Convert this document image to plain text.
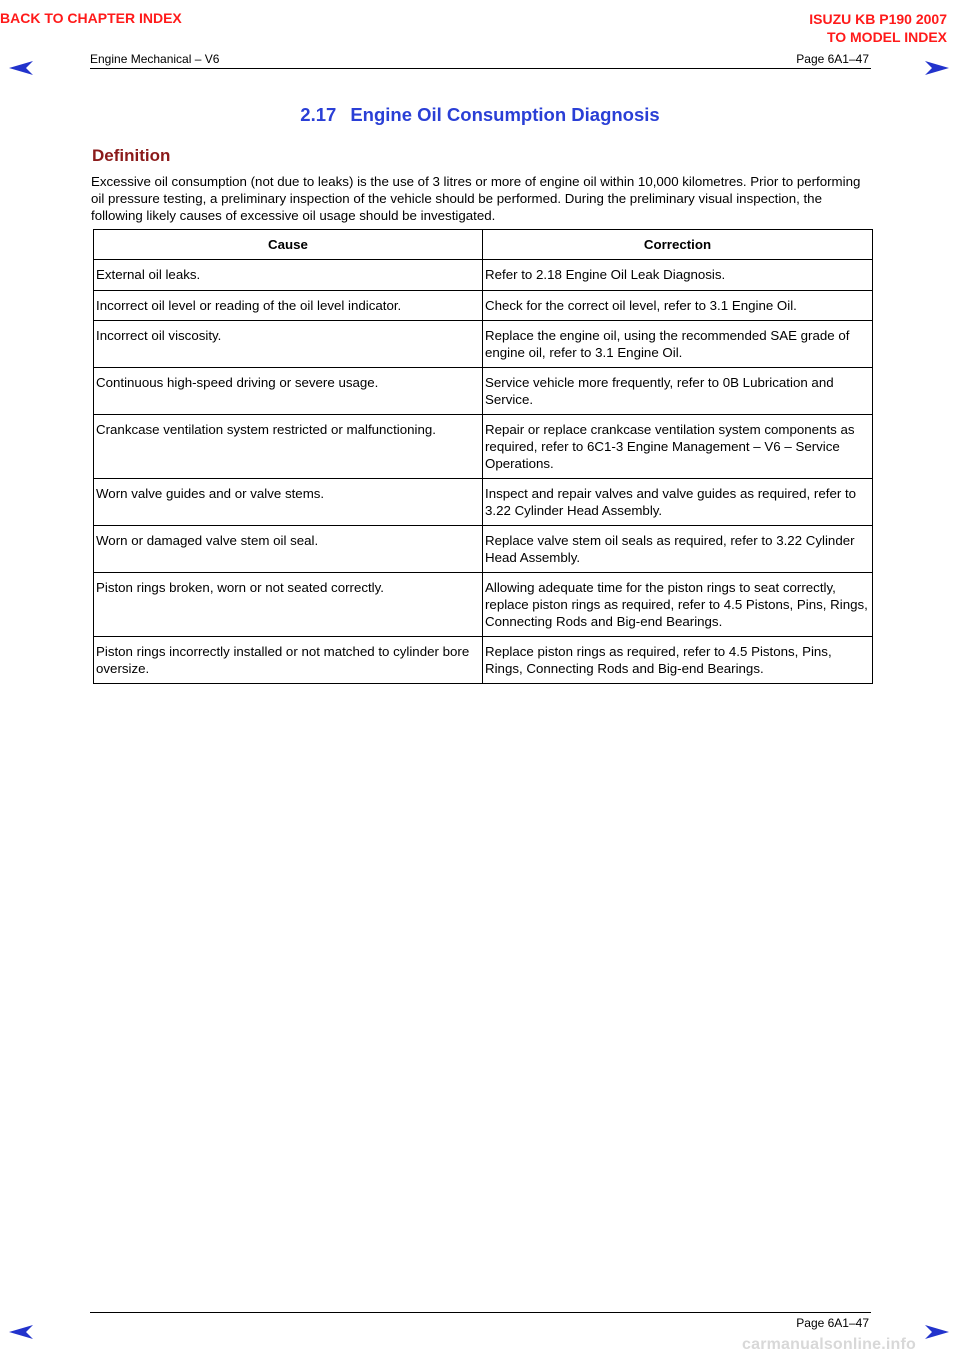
BACK TO CHAPTER INDEX	ISUZU KB P190 2007
TO MODEL INDEX
Engine Mechanical – V6	Page 6A1–47
2.17 Engine Oil Consumption Diagnosis
Definition
Excessive oil consumption (not due to leaks) is the use of 3 litres or more of engine oil within 10,000 kilometres. Prior to performing oil pressure testing, a preliminary inspection of the vehicle should be performed. During the preliminary visual inspection, the following likely causes of excessive oil usage should be investigated.
Cause	Correction
External oil leaks.	Refer to 2.18 Engine Oil Leak Diagnosis.
Incorrect oil level or reading of the oil level indicator.	Check for the correct oil level, refer to 3.1 Engine Oil.
Incorrect oil viscosity.	Replace the engine oil, using the recommended SAE grade of engine oil, refer to 3.1 Engine Oil.
Continuous high-speed driving or severe usage.	Service vehicle more frequently, refer to 0B Lubrication and Service.
Crankcase ventilation system restricted or malfunctioning.	Repair or replace crankcase ventilation system components as required, refer to 6C1-3 Engine Management – V6 – Service Operations.
Worn valve guides and or valve stems.	Inspect and repair valves and valve guides as required, refer to 3.22 Cylinder Head Assembly.
Worn or damaged valve stem oil seal.	Replace valve stem oil seals as required, refer to 3.22 Cylinder Head Assembly.
Piston rings broken, worn or not seated correctly.	Allowing adequate time for the piston rings to seat correctly, replace piston rings as required, refer to 4.5 Pistons, Pins, Rings, Connecting Rods and Big-end Bearings.
Piston rings incorrectly installed or not matched to cylinder bore oversize.	Replace piston rings as required, refer to 4.5 Pistons, Pins, Rings, Connecting Rods and Big-end Bearings.
Page 6A1–47
carmanualsonline.info
